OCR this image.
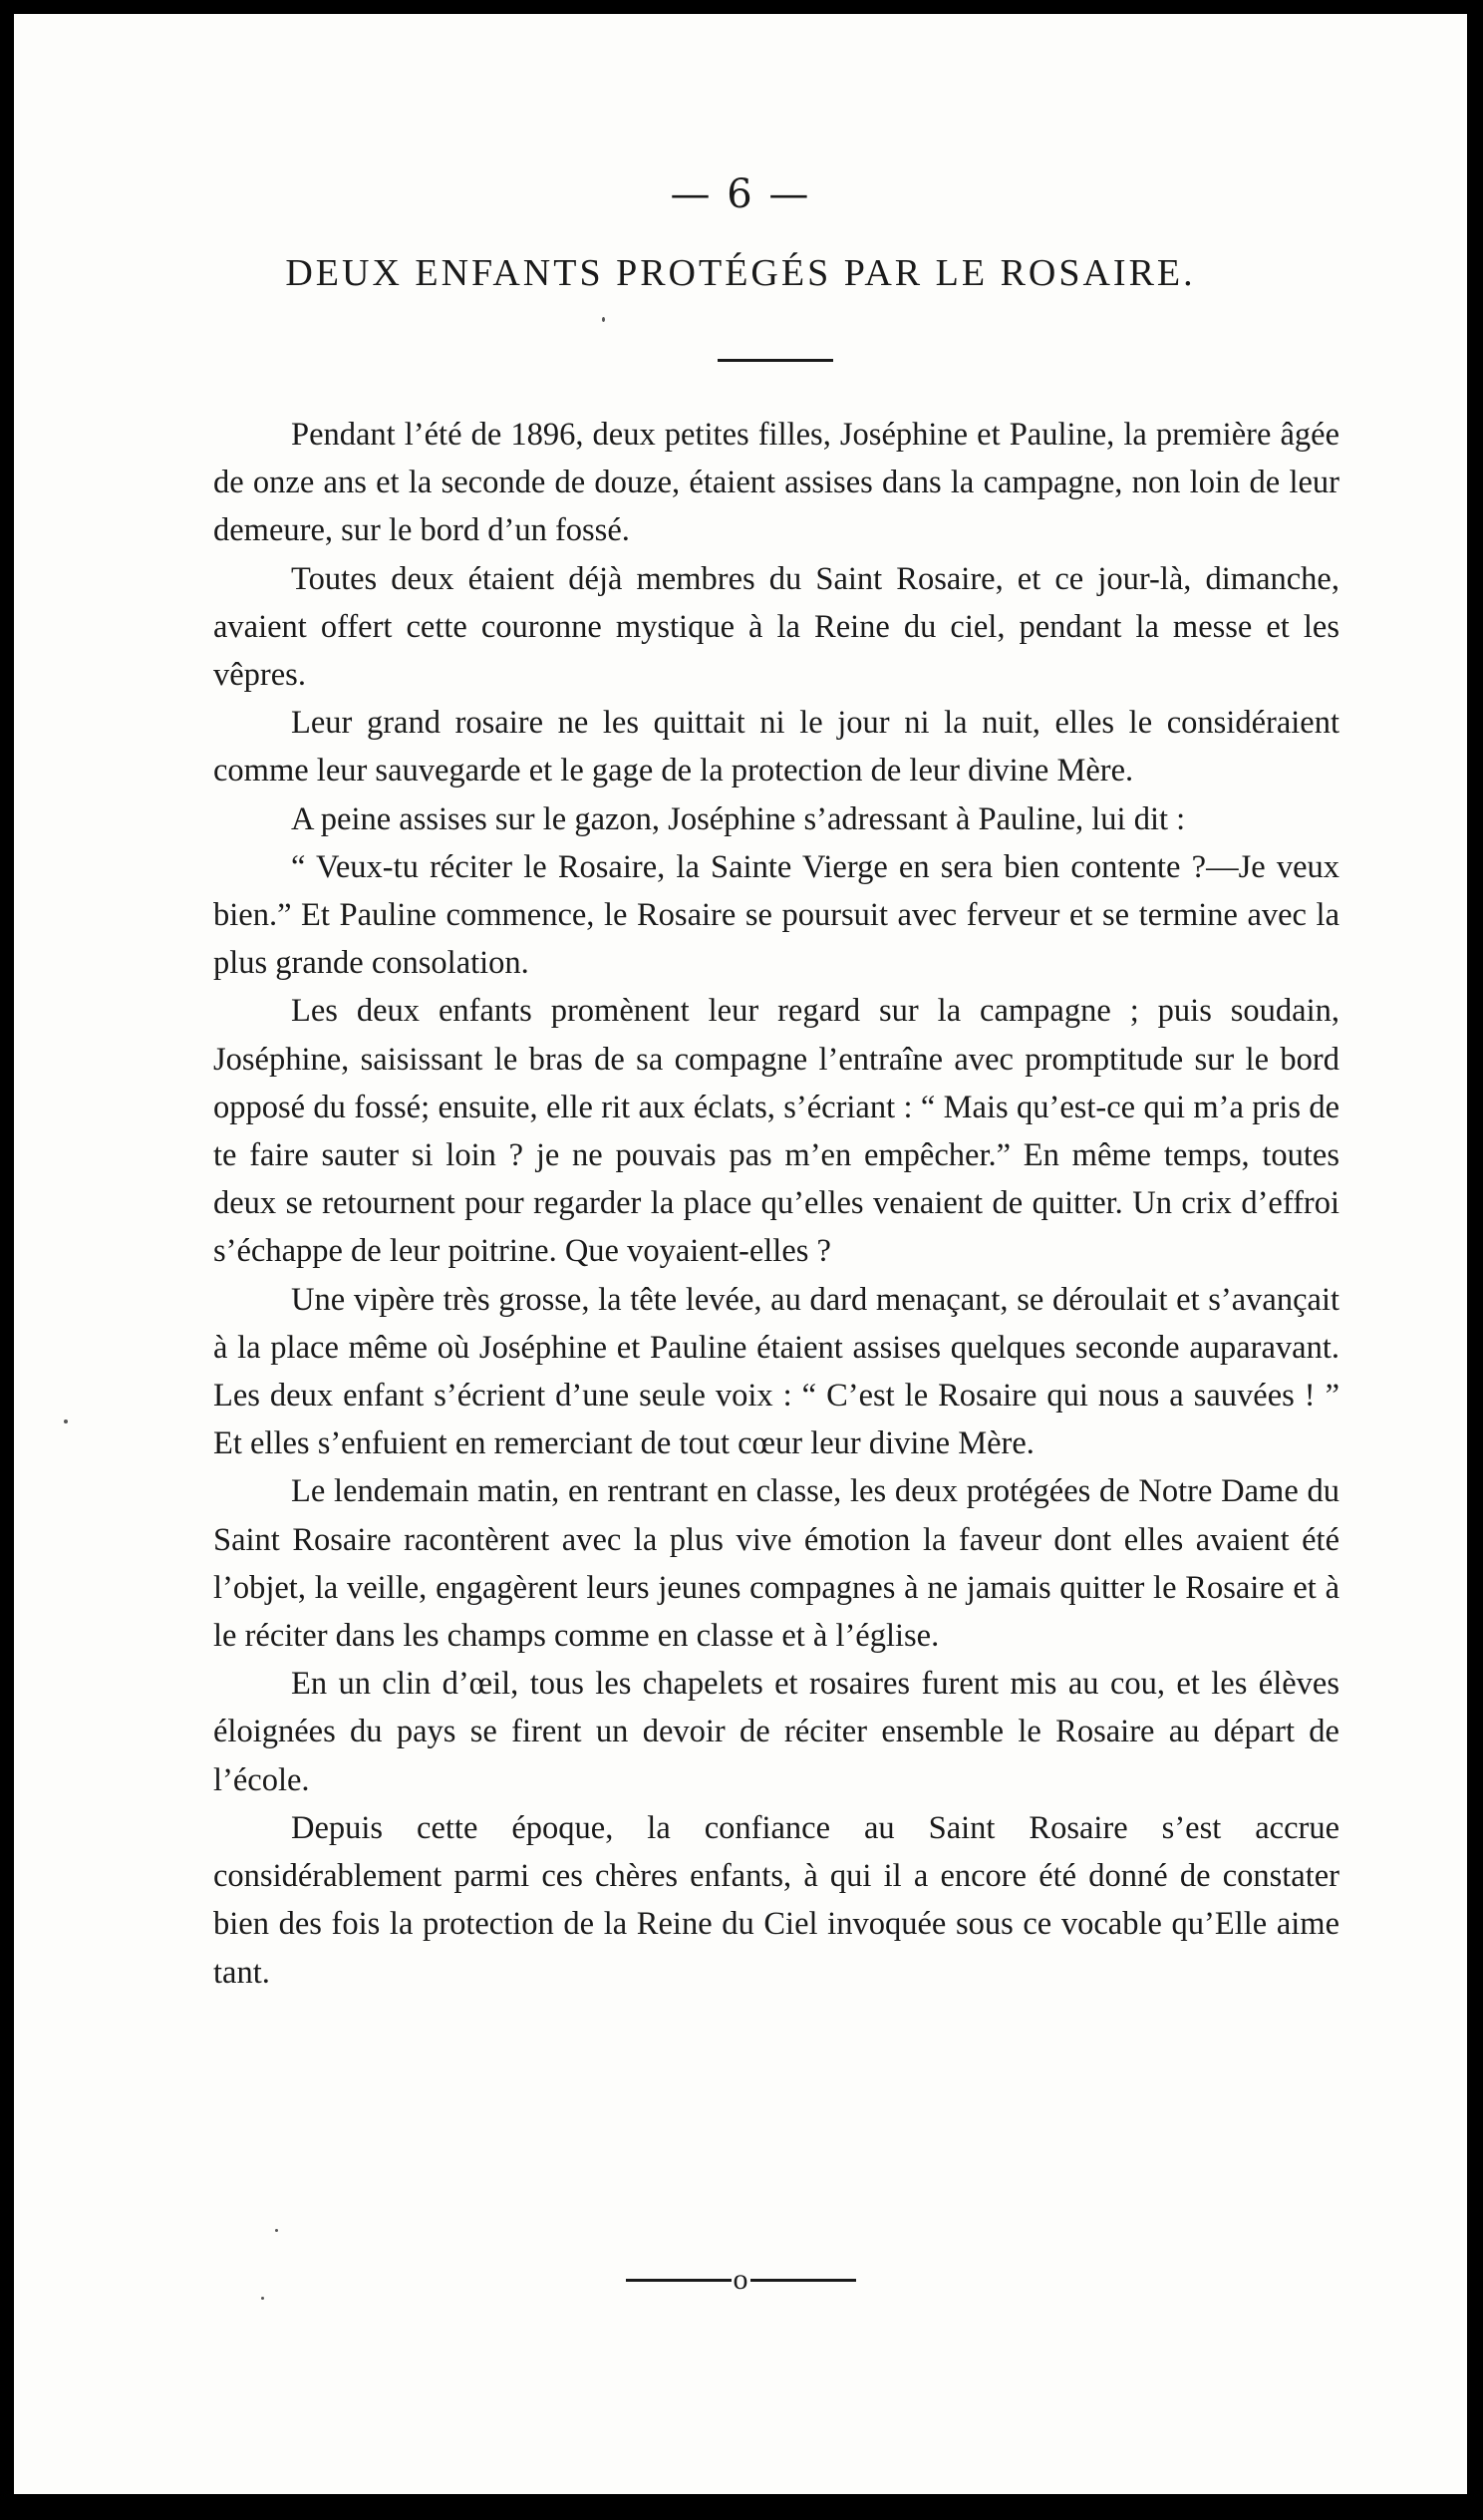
— 6 —
DEUX ENFANTS PROTÉGÉS PAR LE ROSAIRE.

Pendant l’été de 1896, deux petites filles, Joséphine et Pauline, la première âgée de onze ans et la seconde de douze, étaient assises dans la campagne, non loin de leur demeure, sur le bord d’un fossé.

Toutes deux étaient déjà membres du Saint Rosaire, et ce jour-là, dimanche, avaient offert cette couronne mystique à la Reine du ciel, pendant la messe et les vêpres.

Leur grand rosaire ne les quittait ni le jour ni la nuit, elles le considéraient comme leur sauvegarde et le gage de la protection de leur divine Mère.

A peine assises sur le gazon, Joséphine s’adressant à Pauline, lui dit :

“ Veux-tu réciter le Rosaire, la Sainte Vierge en sera bien contente ?—Je veux bien.” Et Pauline commence, le Rosaire se poursuit avec ferveur et se termine avec la plus grande consolation.

Les deux enfants promènent leur regard sur la campagne ; puis soudain, Joséphine, saisissant le bras de sa compagne l’entraîne avec promptitude sur le bord opposé du fossé; ensuite, elle rit aux éclats, s’écriant : “ Mais qu’est-ce qui m’a pris de te faire sauter si loin ? je ne pouvais pas m’en empêcher.” En même temps, toutes deux se retournent pour regarder la place qu’elles venaient de quitter. Un crix d’effroi s’échappe de leur poitrine. Que voyaient-elles ?

Une vipère très grosse, la tête levée, au dard menaçant, se déroulait et s’avançait à la place même où Joséphine et Pauline étaient assises quelques seconde auparavant. Les deux enfant s’écrient d’une seule voix : “ C’est le Rosaire qui nous a sauvées ! ” Et elles s’enfuient en remerciant de tout cœur leur divine Mère.

Le lendemain matin, en rentrant en classe, les deux protégées de Notre Dame du Saint Rosaire racontèrent avec la plus vive émotion la faveur dont elles avaient été l’objet, la veille, engagèrent leurs jeunes compagnes à ne jamais quitter le Rosaire et à le réciter dans les champs comme en classe et à l’église.

En un clin d’œil, tous les chapelets et rosaires furent mis au cou, et les élèves éloignées du pays se firent un devoir de réciter ensemble le Rosaire au départ de l’école.

Depuis cette époque, la confiance au Saint Rosaire s’est accrue considérablement parmi ces chères enfants, à qui il a encore été donné de constater bien des fois la protection de la Reine du Ciel invoquée sous ce vocable qu’Elle aime tant.

o
